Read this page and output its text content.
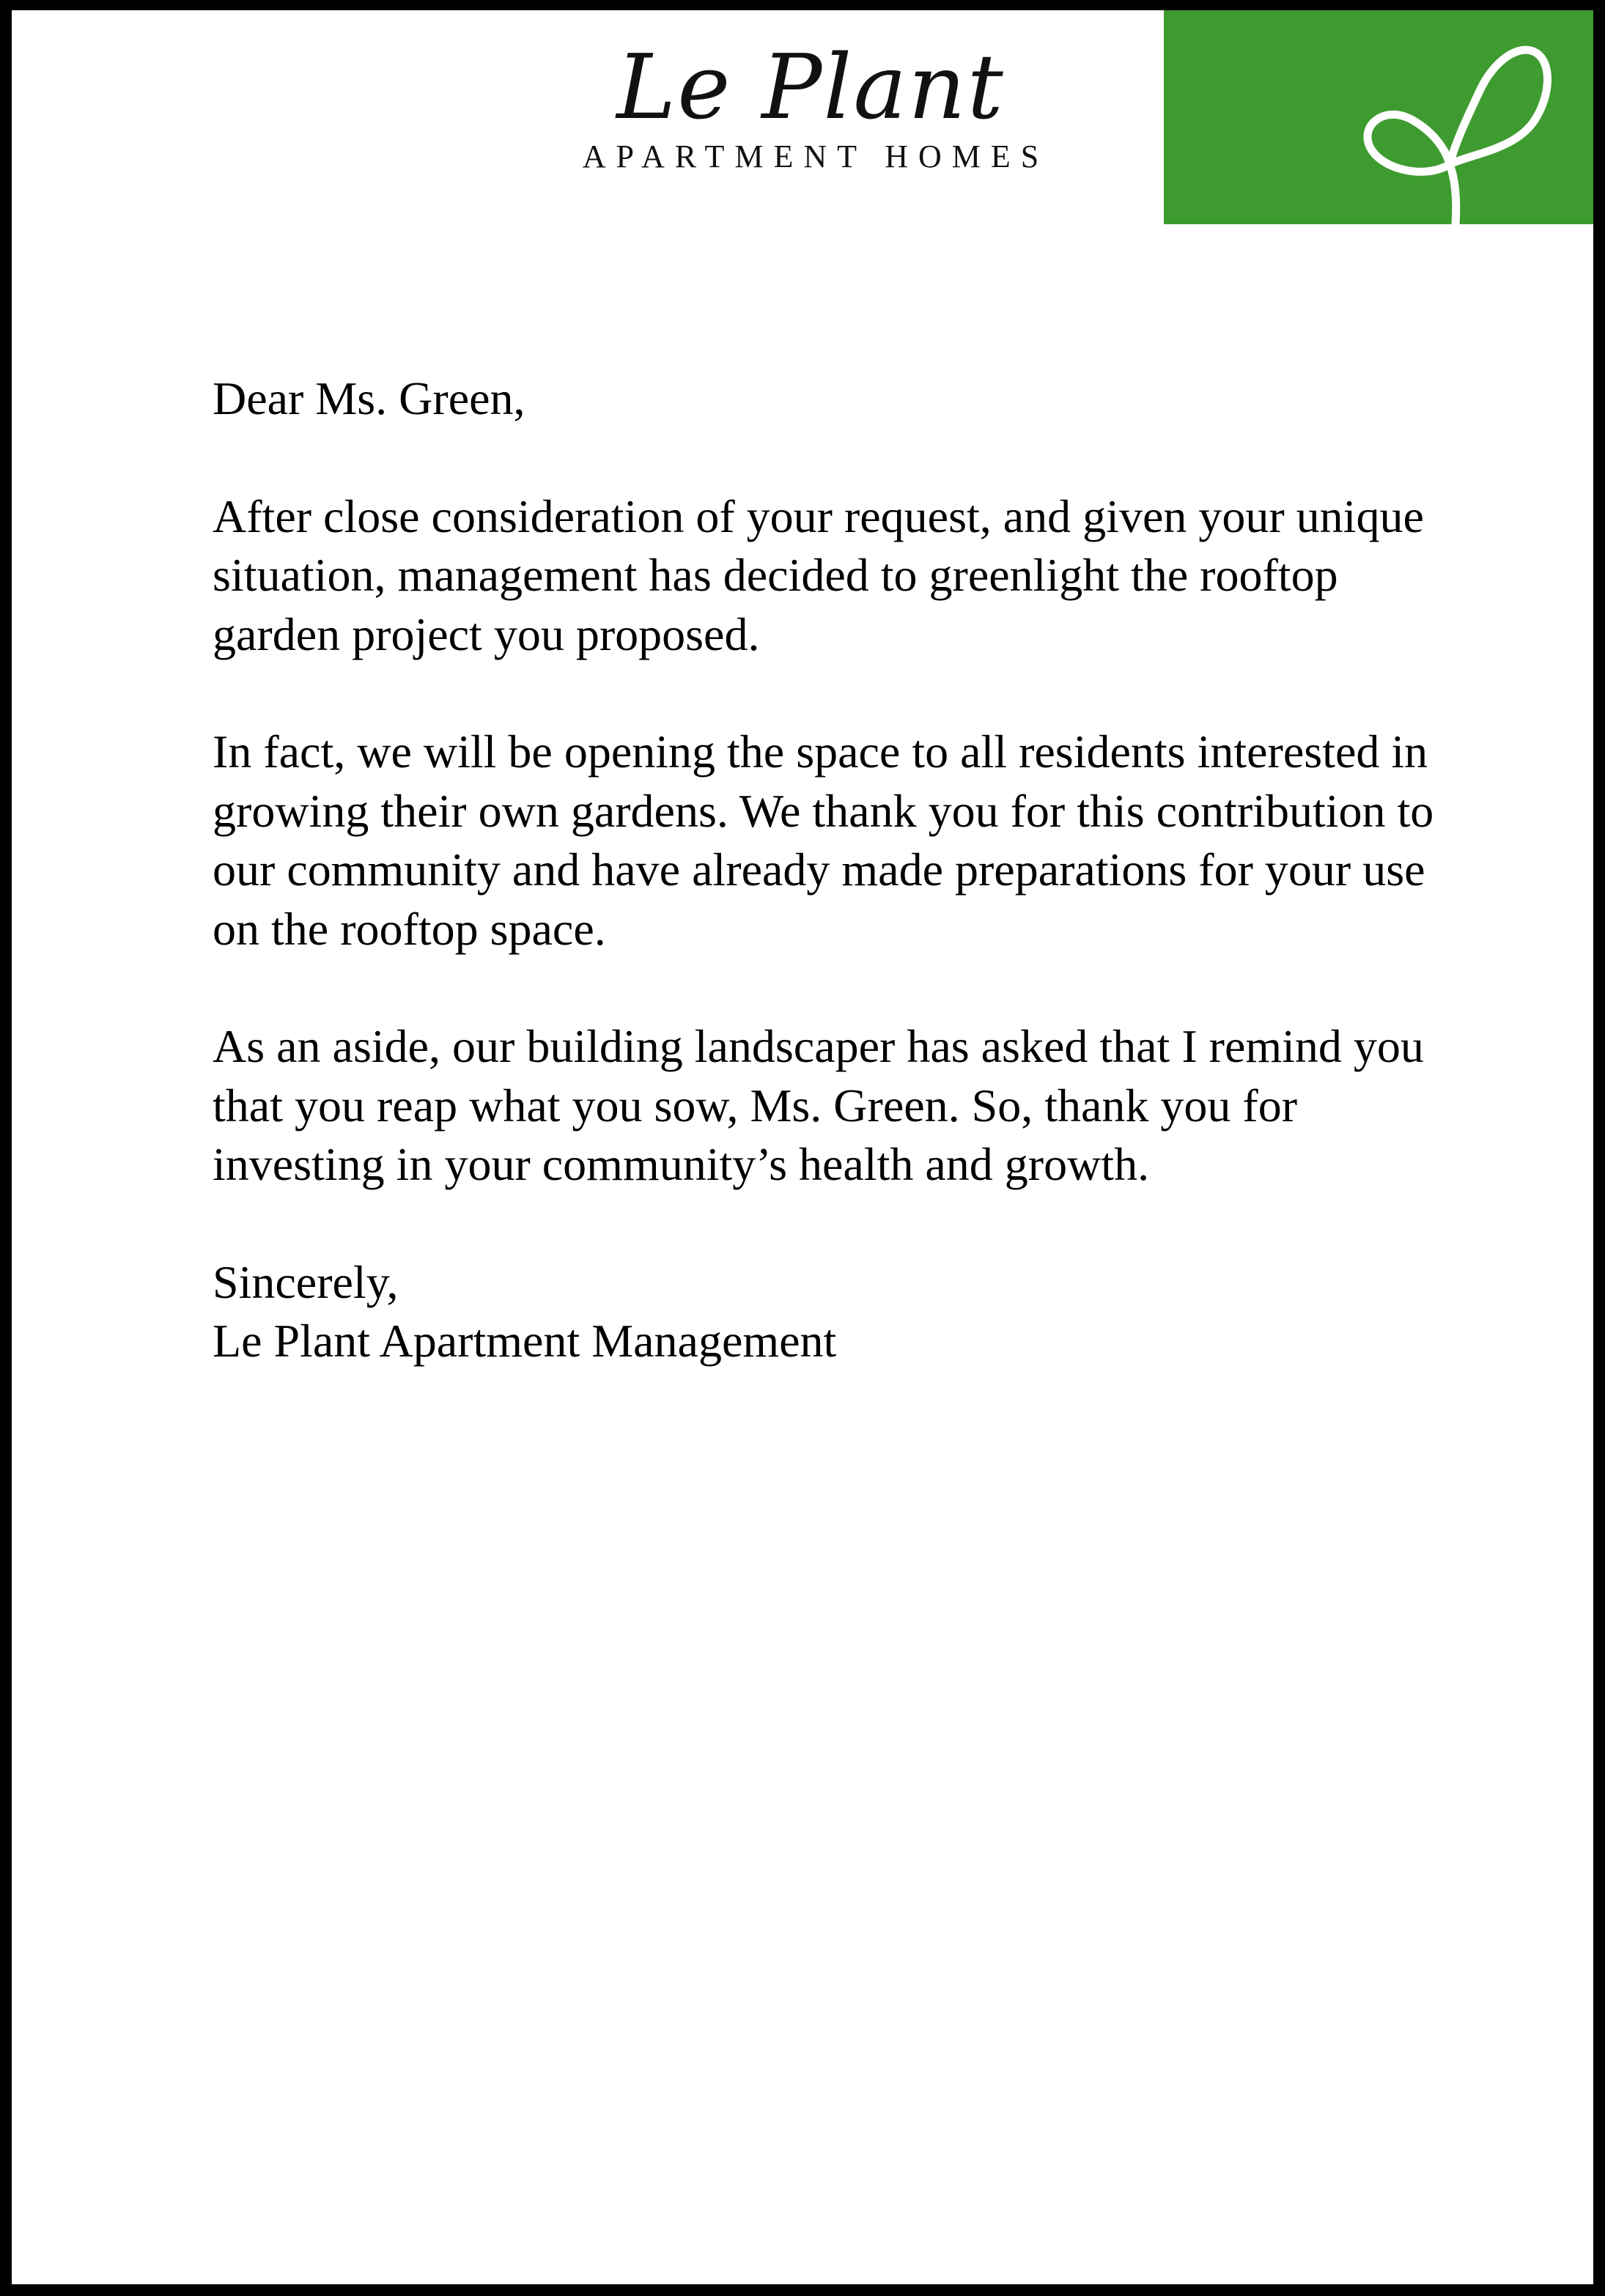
Le Plant
APARTMENT HOMES

Dear Ms. Green,

After close consideration of your request, and given your unique situation, management has decided to greenlight the rooftop garden project you proposed.

In fact, we will be opening the space to all residents interested in growing their own gardens. We thank you for this contribution to our community and have already made preparations for your use on the rooftop space.

As an aside, our building landscaper has asked that I remind you that you reap what you sow, Ms. Green. So, thank you for investing in your community’s health and growth.

Sincerely,

Le Plant Apartment Management
